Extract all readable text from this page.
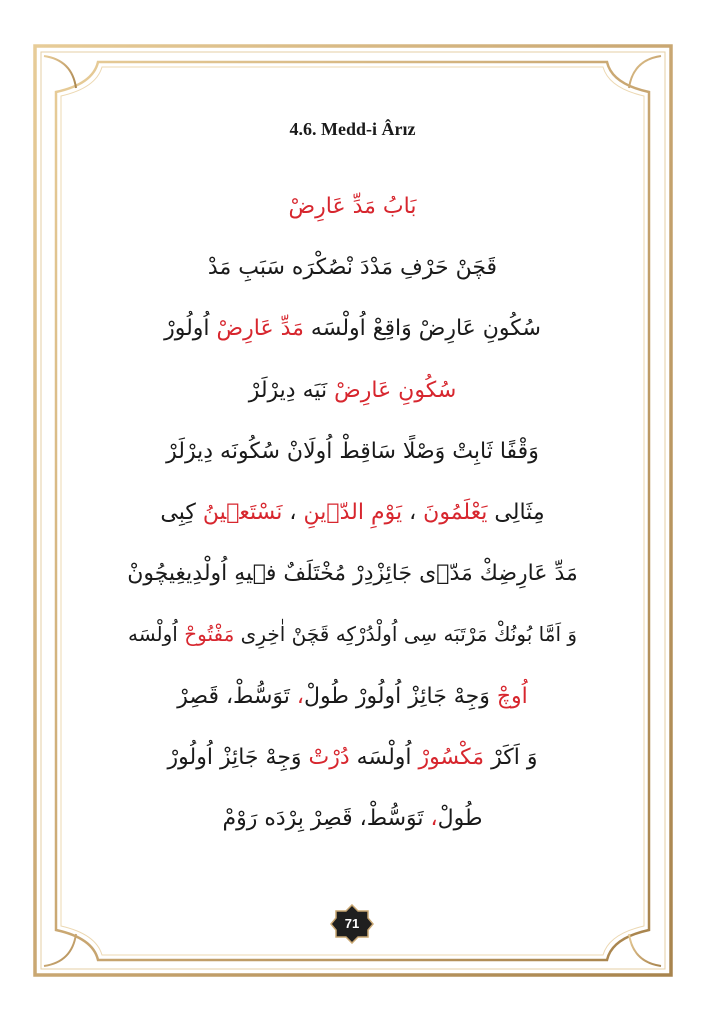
4.6. Medd-i Ârız
بَابُ مَدِّ عَارِضْ
قَچَنْ حَرْفِ مَدْدَ نْصُكْرَه سَبَبِ مَدْ
سُكُونِ عَارِضْ وَاقِعْ اُولْسَه مَدِّ عَارِضْ اُولُورْ
سُكُونِ عَارِضْ نَيَه دِيرْلَرْ
وَقْفًا ثَابِتْ وَصْلًا سَاقِطْ اُولَانْ سُكُونَه دِيرْلَرْ
مِثَالِى يَعْلَمُونَ ، يَوْمِ الدّ۪ينِ ، نَسْتَع۪ينُ كِبِى
مَدِّ عَارِضِكْ مَدّ۪ى جَائِزْدِرْ مُخْتَلَفٌ ف۪يهِ اُولْدِيغِيچُونْ
وَ اَمَّا بُونُكْ مَرْتَبَه سِى اُولْدُرْكِه قَچَنْ اٰخِرِى مَفْتُوحْ اُولْسَه
اُوچْ وَجِهْ جَائِزْ اُولُورْ طُولْ، تَوَسُّطْ، قَصِرْ
وَ اَكَرْ مَكْسُورْ اُولْسَه دُرْتْ وَجِهْ جَائِزْ اُولُورْ
طُولْ، تَوَسُّطْ، قَصِرْ بِرْدَه رَوْمْ
71
